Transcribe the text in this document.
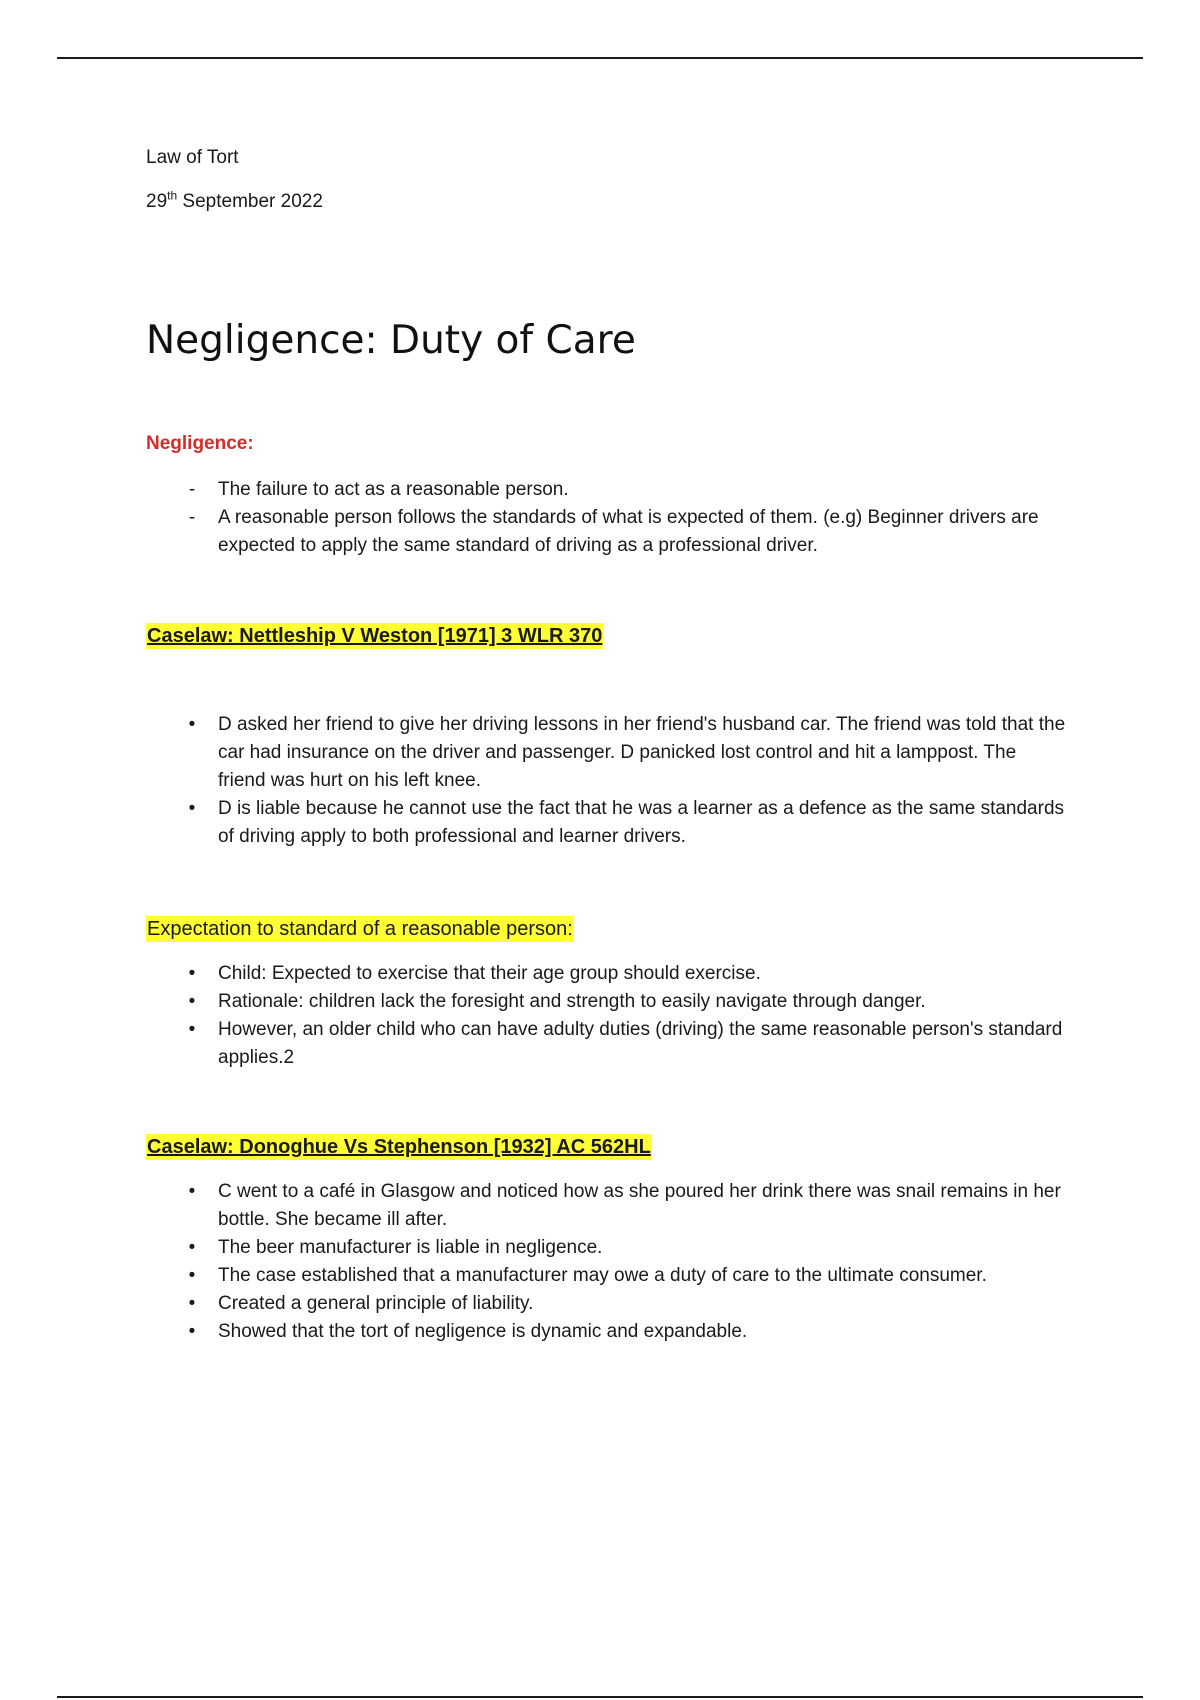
Law of Tort
29th September 2022
Negligence: Duty of Care
Negligence:
-	The failure to act as a reasonable person.
-	A reasonable person follows the standards of what is expected of them. (e.g) Beginner drivers are expected to apply the same standard of driving as a professional driver.
Caselaw: Nettleship V Weston [1971] 3 WLR 370
•	D asked her friend to give her driving lessons in her friend's husband car. The friend was told that the car had insurance on the driver and passenger. D panicked lost control and hit a lamppost. The friend was hurt on his left knee.
•	D is liable because he cannot use the fact that he was a learner as a defence as the same standards of driving apply to both professional and learner drivers.
Expectation to standard of a reasonable person:
•	Child: Expected to exercise that their age group should exercise.
•	Rationale: children lack the foresight and strength to easily navigate through danger.
•	However, an older child who can have adulty duties (driving) the same reasonable person's standard applies.2
Caselaw: Donoghue Vs Stephenson [1932] AC 562HL
•	C went to a café in Glasgow and noticed how as she poured her drink there was snail remains in her bottle. She became ill after.
•	The beer manufacturer is liable in negligence.
•	The case established that a manufacturer may owe a duty of care to the ultimate consumer.
•	Created a general principle of liability.
•	Showed that the tort of negligence is dynamic and expandable.
